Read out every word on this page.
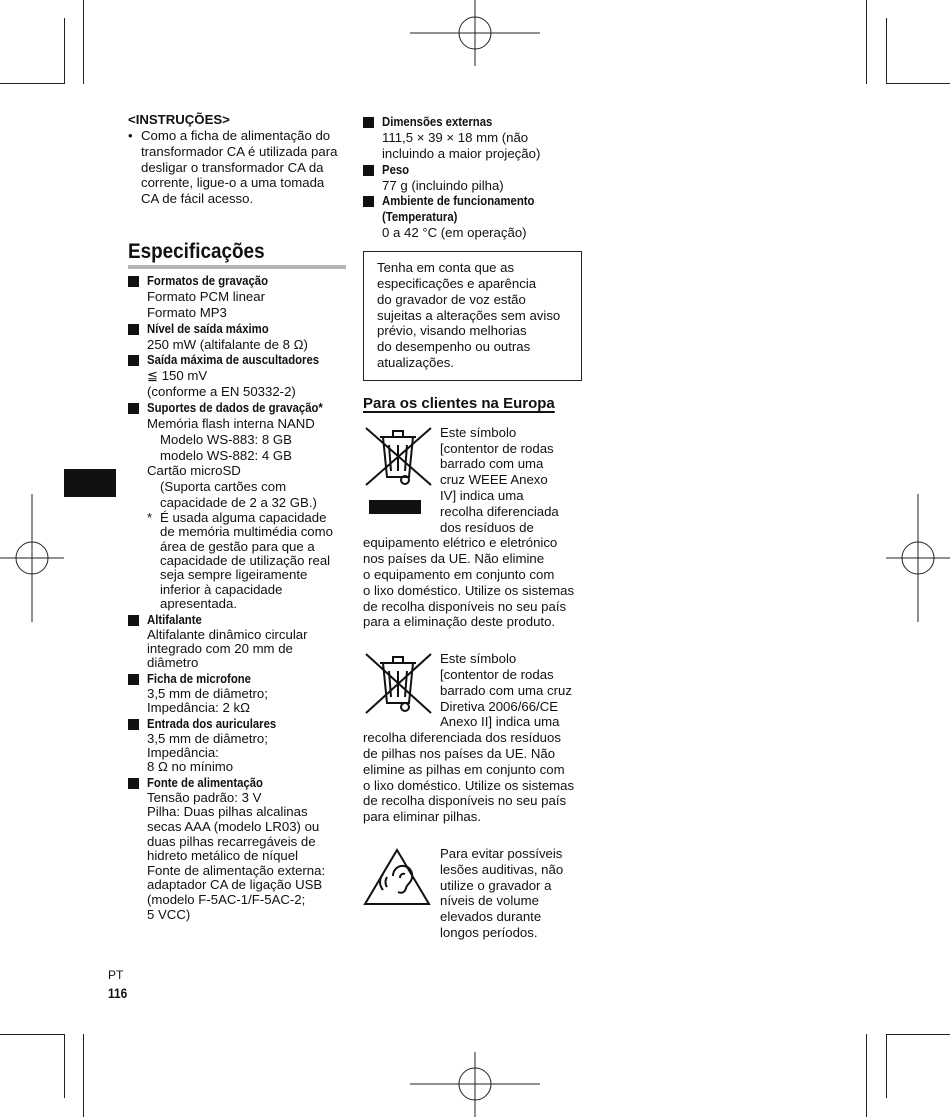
<INSTRUÇÕES>
• Como a ficha de alimentação do
transformador CA é utilizada para
desligar o transformador CA da
corrente, ligue-o a uma tomada
CA de fácil acesso.
Especificações
Formatos de gravação
Formato PCM linear
Formato MP3
Nível de saída máximo
250 mW (altifalante de 8 Ω)
Saída máxima de auscultadores
≦ 150 mV
(conforme a EN 50332-2)
Suportes de dados de gravação*
Memória flash interna NAND
Modelo WS-883: 8 GB
modelo WS-882: 4 GB
Cartão microSD
(Suporta cartões com
capacidade de 2 a 32 GB.)
* É usada alguma capacidade
de memória multimédia como
área de gestão para que a
capacidade de utilização real
seja sempre ligeiramente
inferior à capacidade
apresentada.
Altifalante
Altifalante dinâmico circular
integrado com 20 mm de
diâmetro
Ficha de microfone
3,5 mm de diâmetro;
Impedância: 2 kΩ
Entrada dos auriculares
3,5 mm de diâmetro;
Impedância:
8 Ω no mínimo
Fonte de alimentação
Tensão padrão: 3 V
Pilha: Duas pilhas alcalinas
secas AAA (modelo LR03) ou
duas pilhas recarregáveis de
hidreto metálico de níquel
Fonte de alimentação externa:
adaptador CA de ligação USB
(modelo F-5AC-1/F-5AC-2;
5 VCC)
Dimensões externas
111,5 × 39 × 18 mm (não
incluindo a maior projeção)
Peso
77 g (incluindo pilha)
Ambiente de funcionamento
(Temperatura)
0 a 42 °C (em operação)
Tenha em conta que as
especificações e aparência
do gravador de voz estão
sujeitas a alterações sem aviso
prévio, visando melhorias
do desempenho ou outras
atualizações.
Para os clientes na Europa
Este símbolo
[contentor de rodas
barrado com uma
cruz WEEE Anexo
IV] indica uma
recolha diferenciada
dos resíduos de
equipamento elétrico e eletrónico
nos países da UE. Não elimine
o equipamento em conjunto com
o lixo doméstico. Utilize os sistemas
de recolha disponíveis no seu país
para a eliminação deste produto.
Este símbolo
[contentor de rodas
barrado com uma cruz
Diretiva 2006/66/CE
Anexo II] indica uma
recolha diferenciada dos resíduos
de pilhas nos países da UE. Não
elimine as pilhas em conjunto com
o lixo doméstico. Utilize os sistemas
de recolha disponíveis no seu país
para eliminar pilhas.
Para evitar possíveis
lesões auditivas, não
utilize o gravador a
níveis de volume
elevados durante
longos períodos.
PT
116
